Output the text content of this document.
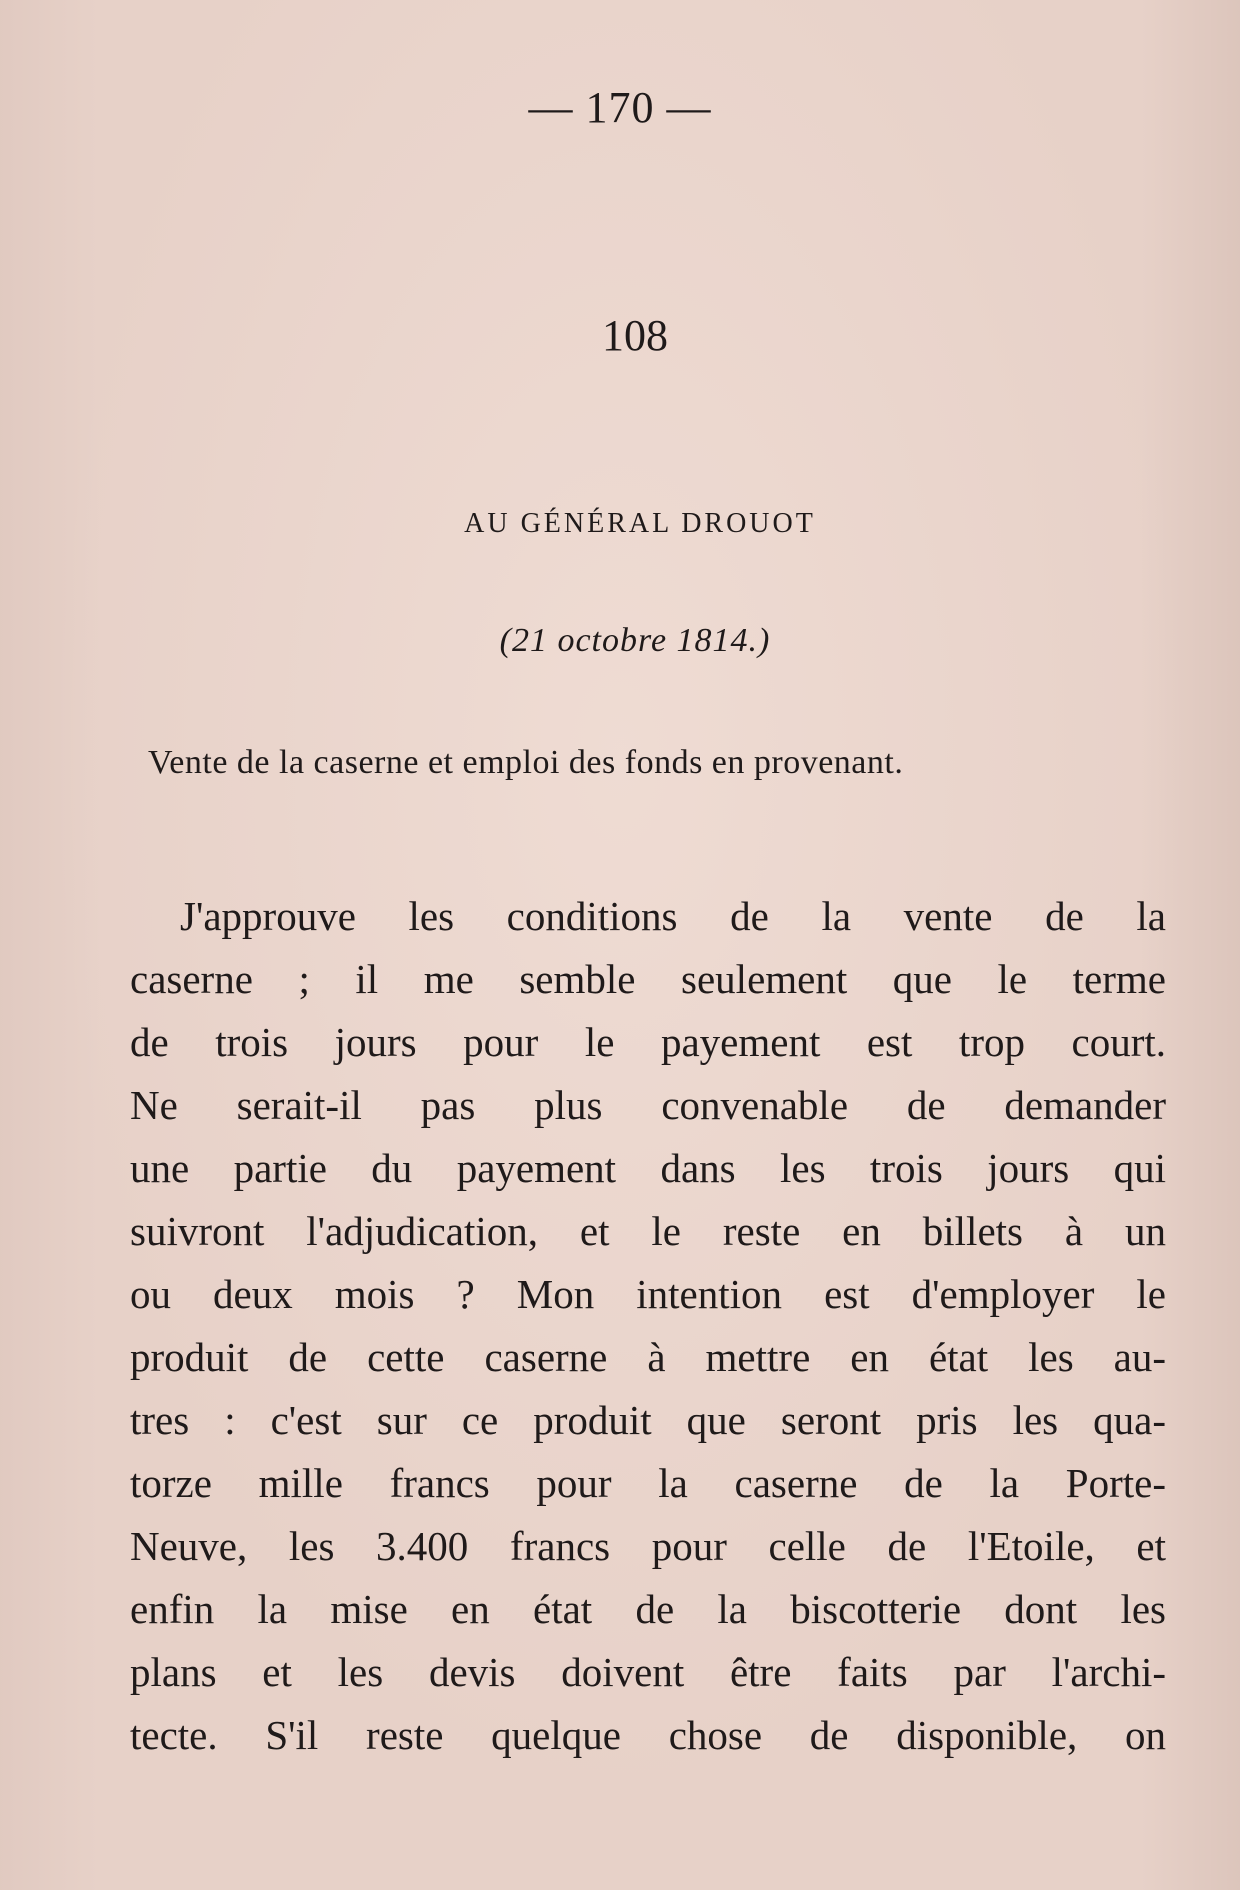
— 170 —
108
AU GÉNÉRAL DROUOT
(21 octobre 1814.)
Vente de la caserne et emploi des fonds en provenant.
J'approuve les conditions de la vente de la
caserne ; il me semble seulement que le terme
de trois jours pour le payement est trop court.
Ne serait-il pas plus convenable de demander
une partie du payement dans les trois jours qui
suivront l'adjudication, et le reste en billets à un
ou deux mois ? Mon intention est d'employer le
produit de cette caserne à mettre en état les au-
tres : c'est sur ce produit que seront pris les qua-
torze mille francs pour la caserne de la Porte-
Neuve, les 3.400 francs pour celle de l'Etoile, et
enfin la mise en état de la biscotterie dont les
plans et les devis doivent être faits par l'archi-
tecte. S'il reste quelque chose de disponible, on
